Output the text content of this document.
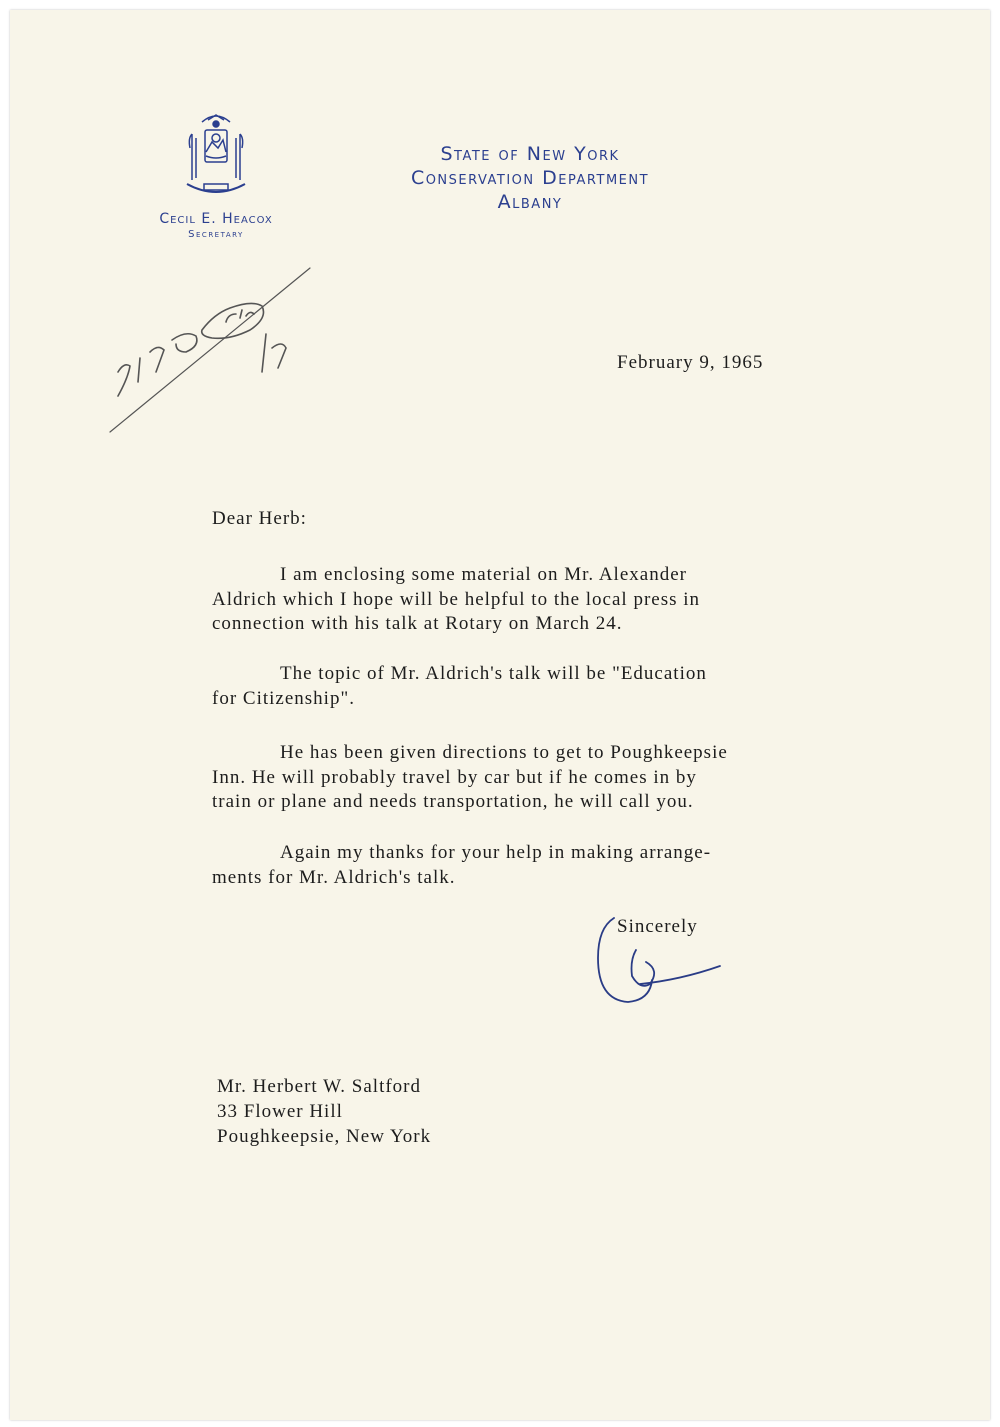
State of New York
Conservation Department
Albany
Cecil E. Heacox
Secretary
February 9, 1965
Dear Herb:

I am enclosing some material on Mr. Alexander
Aldrich which I hope will be helpful to the local press in
connection with his talk at Rotary on March 24.

The topic of Mr. Aldrich's talk will be "Education
for Citizenship".

He has been given directions to get to Poughkeepsie
Inn. He will probably travel by car but if he comes in by
train or plane and needs transportation, he will call you.

Again my thanks for your help in making arrange-
ments for Mr. Aldrich's talk.

Sincerely
Mr. Herbert W. Saltford
33 Flower Hill
Poughkeepsie, New York
